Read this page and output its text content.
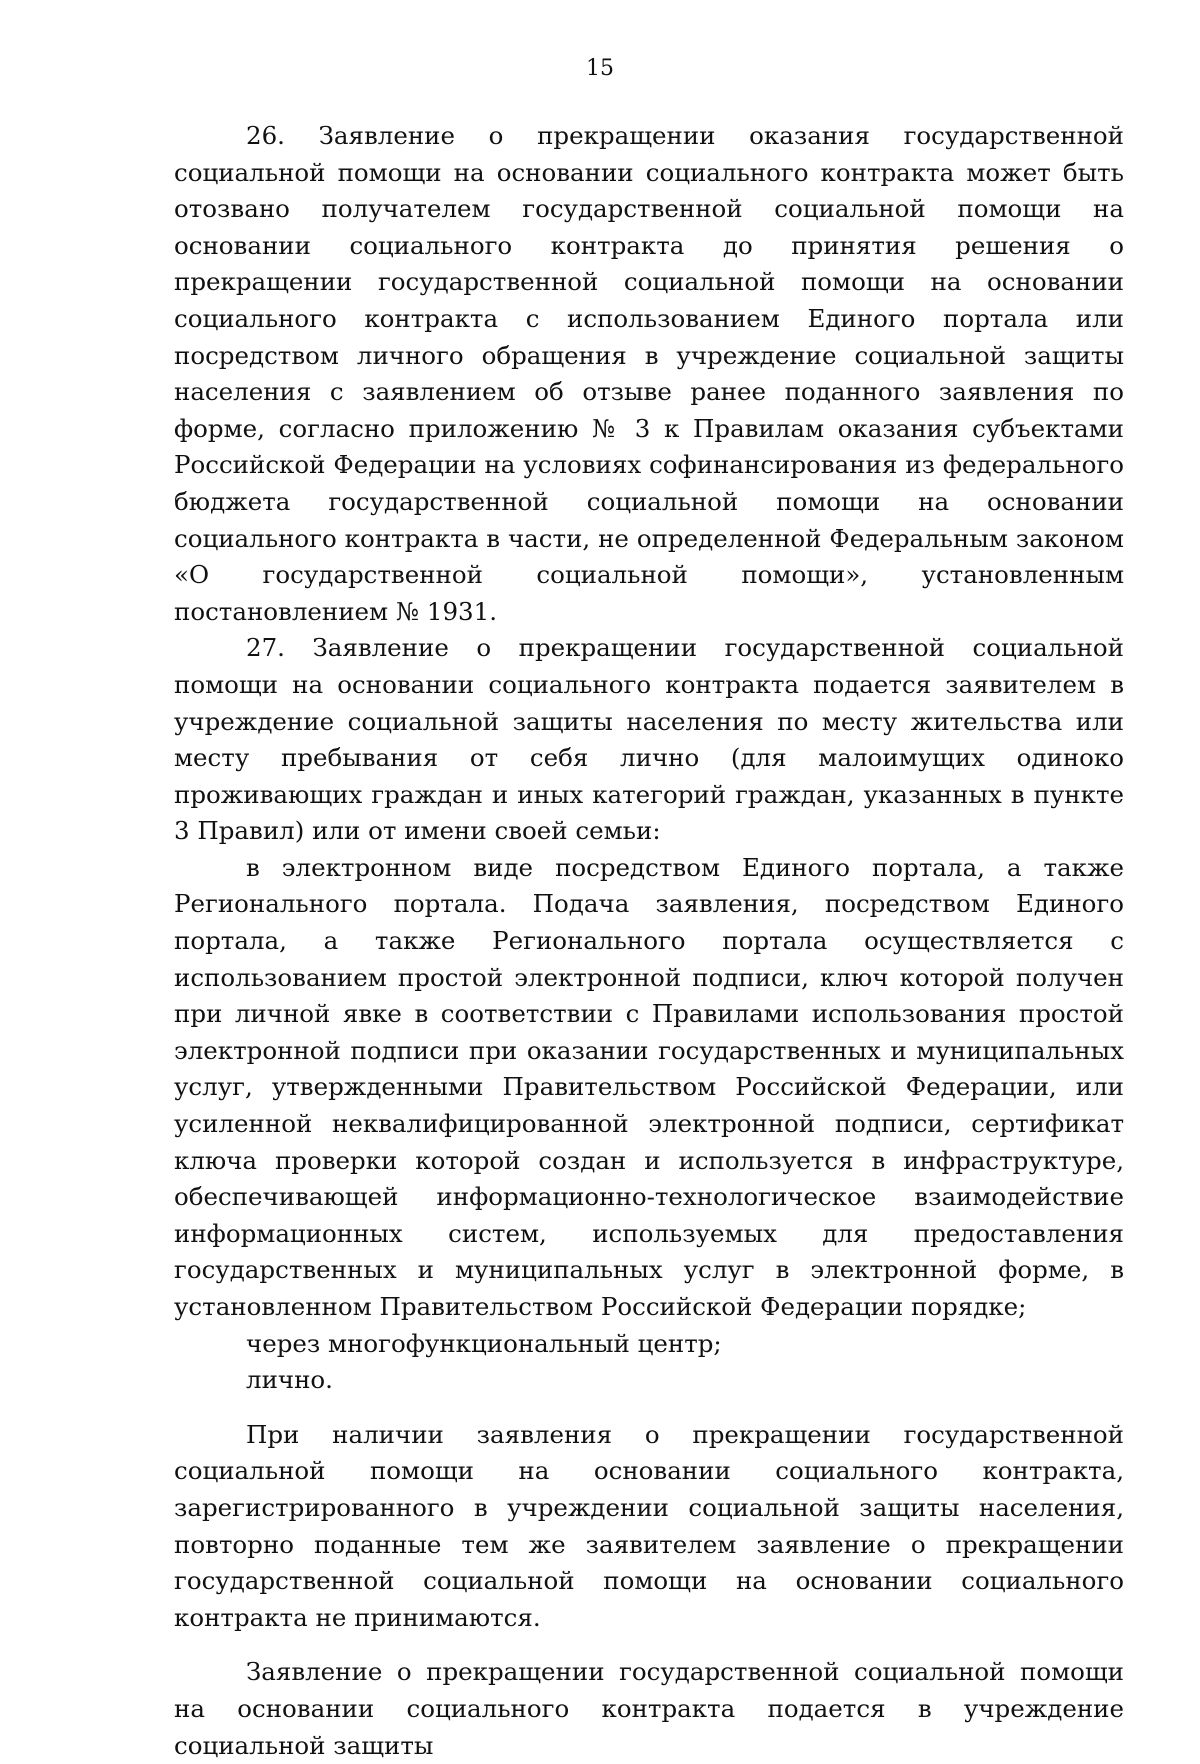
15

26. Заявление о прекращении оказания государственной социальной помощи на основании социального контракта может быть отозвано получателем государственной социальной помощи на основании социального контракта до принятия решения о прекращении государственной социальной помощи на основании социального контракта с использованием Единого портала или посредством личного обращения в учреждение социальной защиты населения с заявлением об отзыве ранее поданного заявления по форме, согласно приложению № 3 к Правилам оказания субъектами Российской Федерации на условиях софинансирования из федерального бюджета государственной социальной помощи на основании социального контракта в части, не определенной Федеральным законом «О государственной социальной помощи», установленным постановлением № 1931.

27. Заявление о прекращении государственной социальной помощи на основании социального контракта подается заявителем в учреждение социальной защиты населения по месту жительства или месту пребывания от себя лично (для малоимущих одиноко проживающих граждан и иных категорий граждан, указанных в пункте 3 Правил) или от имени своей семьи:

в электронном виде посредством Единого портала, а также Регионального портала. Подача заявления, посредством Единого портала, а также Регионального портала осуществляется с использованием простой электронной подписи, ключ которой получен при личной явке в соответствии с Правилами использования простой электронной подписи при оказании государственных и муниципальных услуг, утвержденными Правительством Российской Федерации, или усиленной неквалифицированной электронной подписи, сертификат ключа проверки которой создан и используется в инфраструктуре, обеспечивающей информационно-технологическое взаимодействие информационных систем, используемых для предоставления государственных и муниципальных услуг в электронной форме, в установленном Правительством Российской Федерации порядке;

через многофункциональный центр;

лично.

При наличии заявления о прекращении государственной социальной помощи на основании социального контракта, зарегистрированного в учреждении социальной защиты населения, повторно поданные тем же заявителем заявление о прекращении государственной социальной помощи на основании социального контракта не принимаются.

Заявление о прекращении государственной социальной помощи на основании социального контракта подается в учреждение социальной защиты
